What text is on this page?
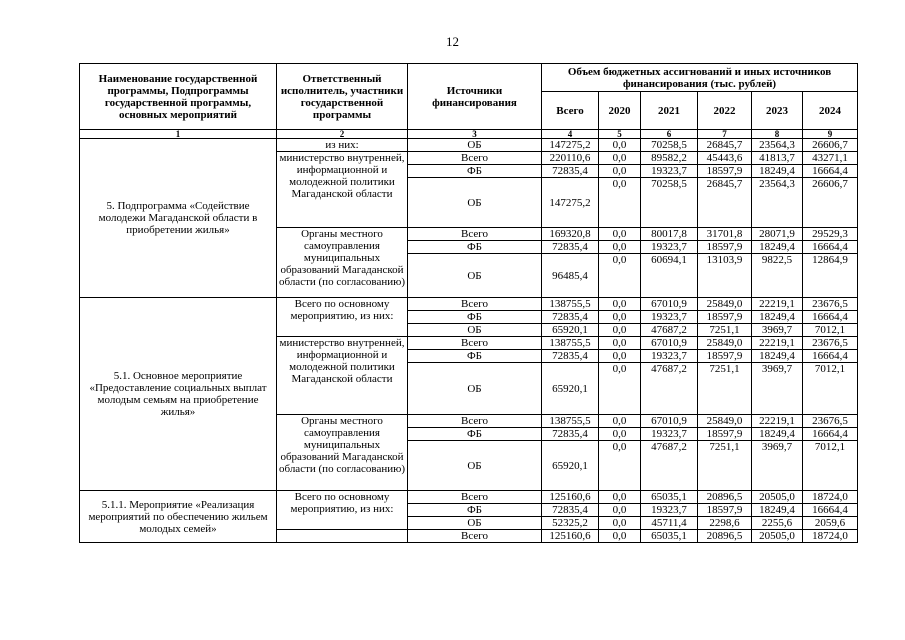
12
Наименование государственной программы, Подпрограммы государственной программы, основных мероприятий	Ответственный исполнитель, участники государственной программы	Источники финансирования	Объем бюджетных ассигнований и иных источников финансирования (тыс. рублей)					
			Всего	2020	2021	2022	2023	2024
1	2	3	4	5	6	7	8	9
5. Подпрограмма «Содействие молодежи Магаданской области в приобретении жилья»	из них:	ОБ	147275,2	0,0	70258,5	26845,7	23564,3	26606,7
	министерство внутренней, информационной и молодежной политики Магаданской области	Всего	220110,6	0,0	89582,2	45443,6	41813,7	43271,1
		ФБ	72835,4	0,0	19323,7	18597,9	18249,4	16664,4
		ОБ	147275,2	0,0	70258,5	26845,7	23564,3	26606,7
	Органы местного самоуправления муниципальных образований Магаданской области (по согласованию)	Всего	169320,8	0,0	80017,8	31701,8	28071,9	29529,3
		ФБ	72835,4	0,0	19323,7	18597,9	18249,4	16664,4
		ОБ	96485,4	0,0	60694,1	13103,9	9822,5	12864,9
5.1. Основное мероприятие «Предоставление социальных выплат молодым семьям на приобретение жилья»	Всего по основному мероприятию, из них:	Всего	138755,5	0,0	67010,9	25849,0	22219,1	23676,5
		ФБ	72835,4	0,0	19323,7	18597,9	18249,4	16664,4
		ОБ	65920,1	0,0	47687,2	7251,1	3969,7	7012,1
	министерство внутренней, информационной и молодежной политики Магаданской области	Всего	138755,5	0,0	67010,9	25849,0	22219,1	23676,5
		ФБ	72835,4	0,0	19323,7	18597,9	18249,4	16664,4
		ОБ	65920,1	0,0	47687,2	7251,1	3969,7	7012,1
	Органы местного самоуправления муниципальных образований Магаданской области (по согласованию)	Всего	138755,5	0,0	67010,9	25849,0	22219,1	23676,5
		ФБ	72835,4	0,0	19323,7	18597,9	18249,4	16664,4
		ОБ	65920,1	0,0	47687,2	7251,1	3969,7	7012,1
5.1.1. Мероприятие «Реализация мероприятий по обеспечению жильем молодых семей»	Всего по основному мероприятию, из них:	Всего	125160,6	0,0	65035,1	20896,5	20505,0	18724,0
		ФБ	72835,4	0,0	19323,7	18597,9	18249,4	16664,4
		ОБ	52325,2	0,0	45711,4	2298,6	2255,6	2059,6
		Всего	125160,6	0,0	65035,1	20896,5	20505,0	18724,0
